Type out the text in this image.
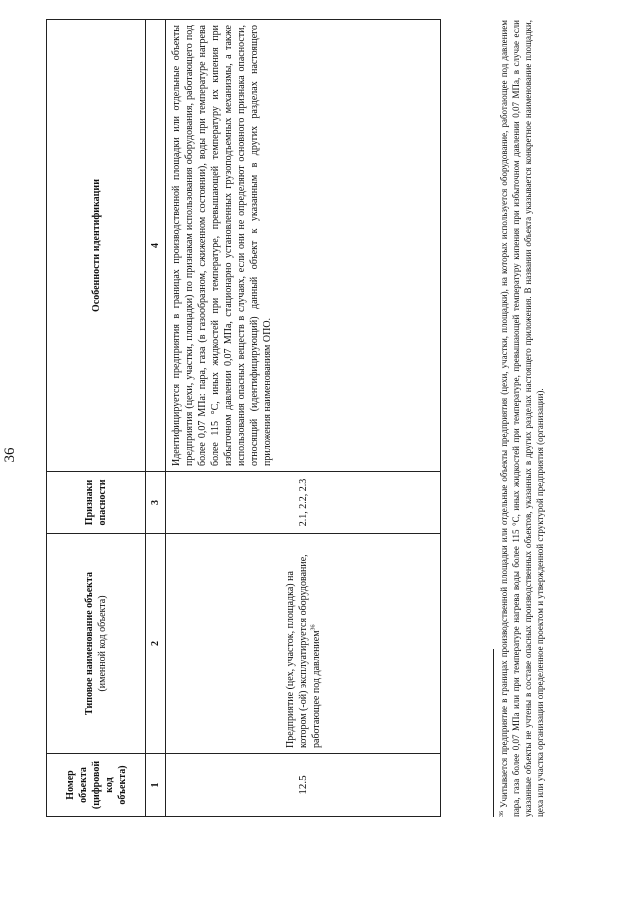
36
Номер объекта (цифровой код объекта)	Типовое наименование объекта (именной код объекта)	Признаки опасности	Особенности идентификации
1	2	3	4
12.5	Предприятие (цех, участок, площадка) на котором (-ой) эксплуатируется оборудование, работающее под давлением$^{36}$	2.1, 2.2, 2.3	Идентифицируется предприятия в границах производственной площадки или отдельные объекты предприятия (цехи, участки, площадки) по признакам использования оборудования, работающего под более 0,07 МПа: пара, газа (в газообразном, сжиженном состоянии), воды при температуре нагрева более 115 °С, иных жидкостей при температуре, превышающей температуру их кипения при избыточном давлении 0,07 МПа, стационарно установленных грузоподъемных механизмы, а также использования опасных веществ в случаях, если они не определяют основного признака опасности, относящий (идентифицирующий) данный объект к указанным в других разделах настоящего приложения наименованиям ОПО.
$^{36}$ Учитывается предприятие в границах производственной площадки или отдельные объекты предприятия (цехи, участки, площадки), на которых используется оборудование, работающее под давлением пара, газа более 0,07 МПа или при температуре нагрева воды более 115 °С, иных жидкостей при температуре, превышающей температуру кипения при избыточном давлении 0,07 МПа, в случае если указанные объекты не учтены в составе опасных производственных объектов, указанных в других разделах настоящего приложения. В названии объекта указывается конкретное наименование площадки, цеха или участка организации определенное проектом и утвержденной структурой предприятия (организации).
